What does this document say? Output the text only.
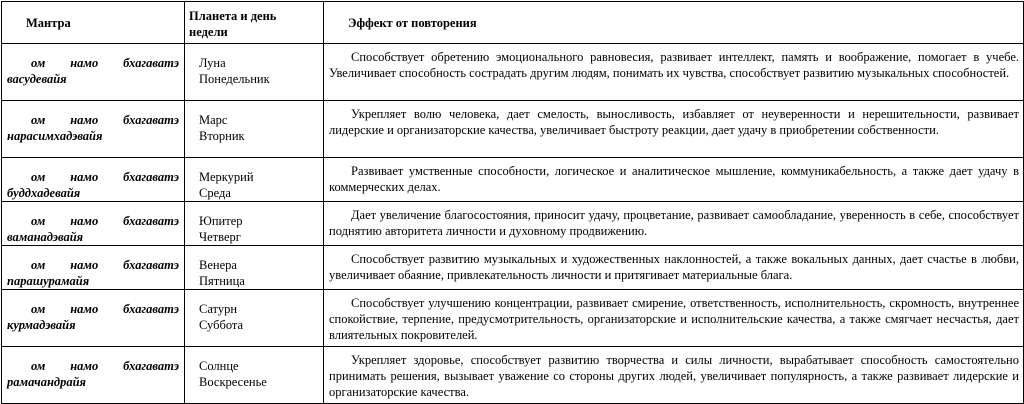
Мантра	Планета и день недели	Эффект от повторения

ом намо бхагаватэ
васудевайя	Луна
Понедельник	Способствует обретению эмоционального равновесия, развивает интеллект, память и воображение, помогает в учебе. Увеличивает способность сострадать другим людям, понимать их чувства, способствует развитию музыкальных способностей.

ом намо бхагаватэ
нарасимхадэвайя	Марс
Вторник	Укрепляет волю человека, дает смелость, выносливость, избавляет от неуверенности и нерешительности, развивает лидерские и организаторские качества, увеличивает быстроту реакции, дает удачу в приобретении собственности.

ом намо бхагаватэ
буддхадевайя	Меркурий
Среда	Развивает умственные способности, логическое и аналитическое мышление, коммуникабельность, а также дает удачу в коммерческих делах.

ом намо бхагаватэ
ваманадэвайя	Юпитер
Четверг	Дает увеличение благосостояния, приносит удачу, процветание, развивает самообладание, уверенность в себе, способствует поднятию авторитета личности и духовному продвижению.

ом намо бхагаватэ
парашурамайя	Венера
Пятница	Способствует развитию музыкальных и художественных наклонностей, а также вокальных данных, дает счастье в любви, увеличивает обаяние, привлекательность личности и притягивает материальные блага.

ом намо бхагаватэ
курмадэвайя	Сатурн
Суббота	Способствует улучшению концентрации, развивает смирение, ответственность, исполнительность, скромность, внутреннее спокойствие, терпение, предусмотрительность, организаторские и исполнительские качества, а также смягчает несчастья, дает влиятельных покровителей.

ом намо бхагаватэ
рамачандрайя	Солнце
Воскресенье	Укрепляет здоровье, способствует развитию творчества и силы личности, вырабатывает способность самостоятельно принимать решения, вызывает уважение со стороны других людей, увеличивает популярность, а также развивает лидерские и организаторские качества.
